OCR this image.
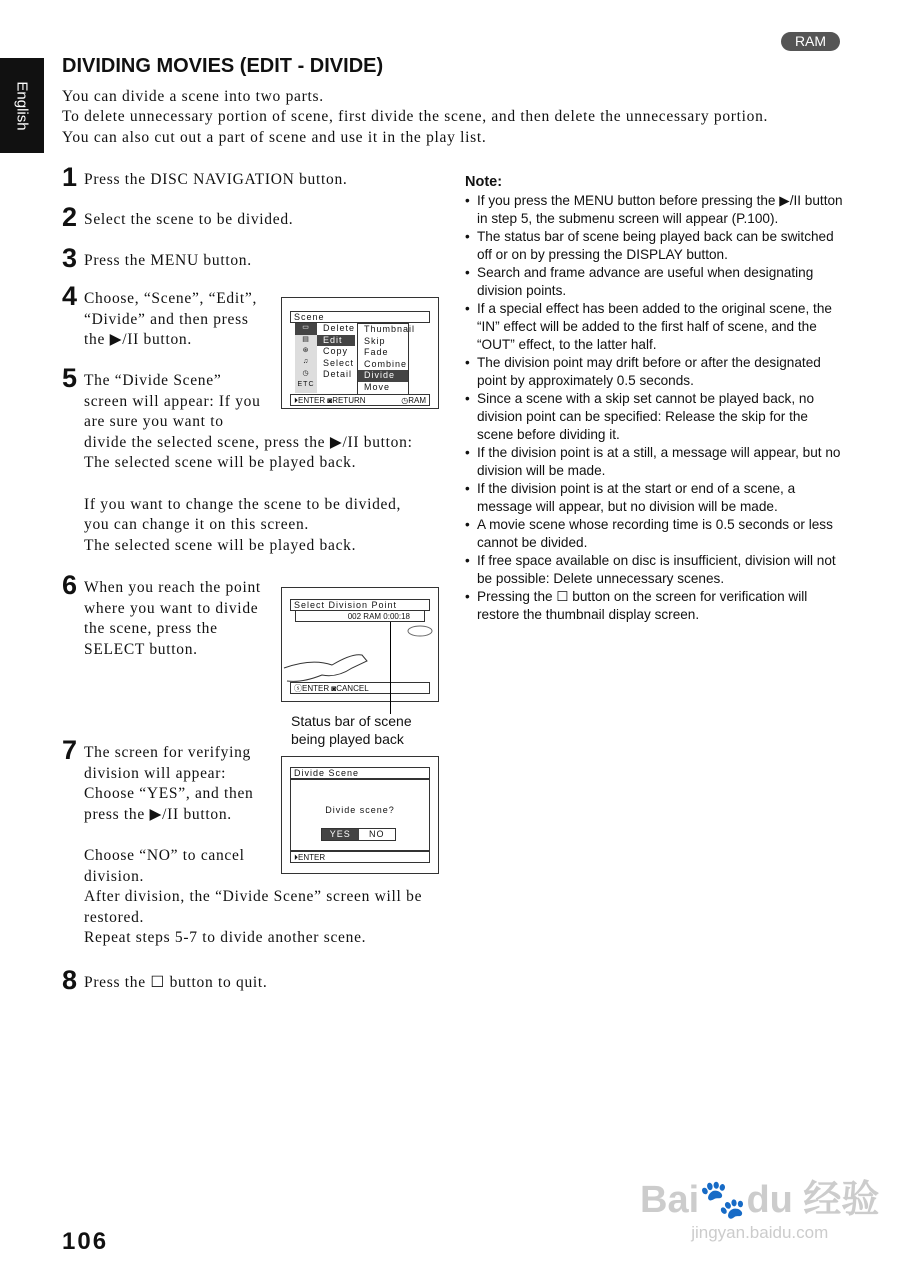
English
RAM
DIVIDING MOVIES (EDIT - DIVIDE)

You can divide a scene into two parts.

To delete unnecessary portion of scene, first divide the scene, and then delete the unnecessary portion.

You can also cut out a part of scene and use it in the play list.

1 Press the DISC NAVIGATION button.

2 Select the scene to be divided.

3 Press the MENU button.

4 Choose, “Scene”, “Edit”,

“Divide” and then press

the ▶/II button.

5 The “Divide Scene”

screen will appear: If you

are sure you want to

divide the selected scene, press the ▶/II button:

The selected scene will be played back.

If you want to change the scene to be divided,

you can change it on this screen.

The selected scene will be played back.

6 When you reach the point

where you want to divide

the scene, press the

SELECT button.

7 The screen for verifying

division will appear:

Choose “YES”, and then

press the ▶/II button.

Choose “NO” to cancel

division.

After division, the “Divide Scene” screen will be

restored.

Repeat steps 5-7 to divide another scene.

8 Press the ☐ button to quit.

Scene
▭
▤
⊛
♫
◷
ETC
Delete
Edit
Copy
Select
Detail
Thumbnail
Skip
Fade
Combine
Divide
Move
⏵ENTER ◙RETURN	◷RAM
Select Division Point
002 RAM 0:00:18
ⓢENTER ◙CANCEL
Status bar of scene
being played back
Divide Scene
Divide scene?
YES	NO
⏵ENTER
Note:
• If you press the MENU button before pressing the ▶/II button in step 5, the submenu screen will appear (P.100).
• The status bar of scene being played back can be switched off or on by pressing the DISPLAY button.
• Search and frame advance are useful when designating division points.
• If a special effect has been added to the original scene, the “IN” effect will be added to the first half of scene, and the “OUT” effect, to the latter half.
• The division point may drift before or after the designated point by approximately 0.5 seconds.
• Since a scene with a skip set cannot be played back, no division point can be specified: Release the skip for the scene before dividing it.
• If the division point is at a still, a message will appear, but no division will be made.
• If the division point is at the start or end of a scene, a message will appear, but no division will be made.
• A movie scene whose recording time is 0.5 seconds or less cannot be divided.
• If free space available on disc is insufficient, division will not be possible: Delete unnecessary scenes.
• Pressing the ☐ button on the screen for verification will restore the thumbnail display screen.
106
Bai🐾du 经验
jingyan.baidu.com
